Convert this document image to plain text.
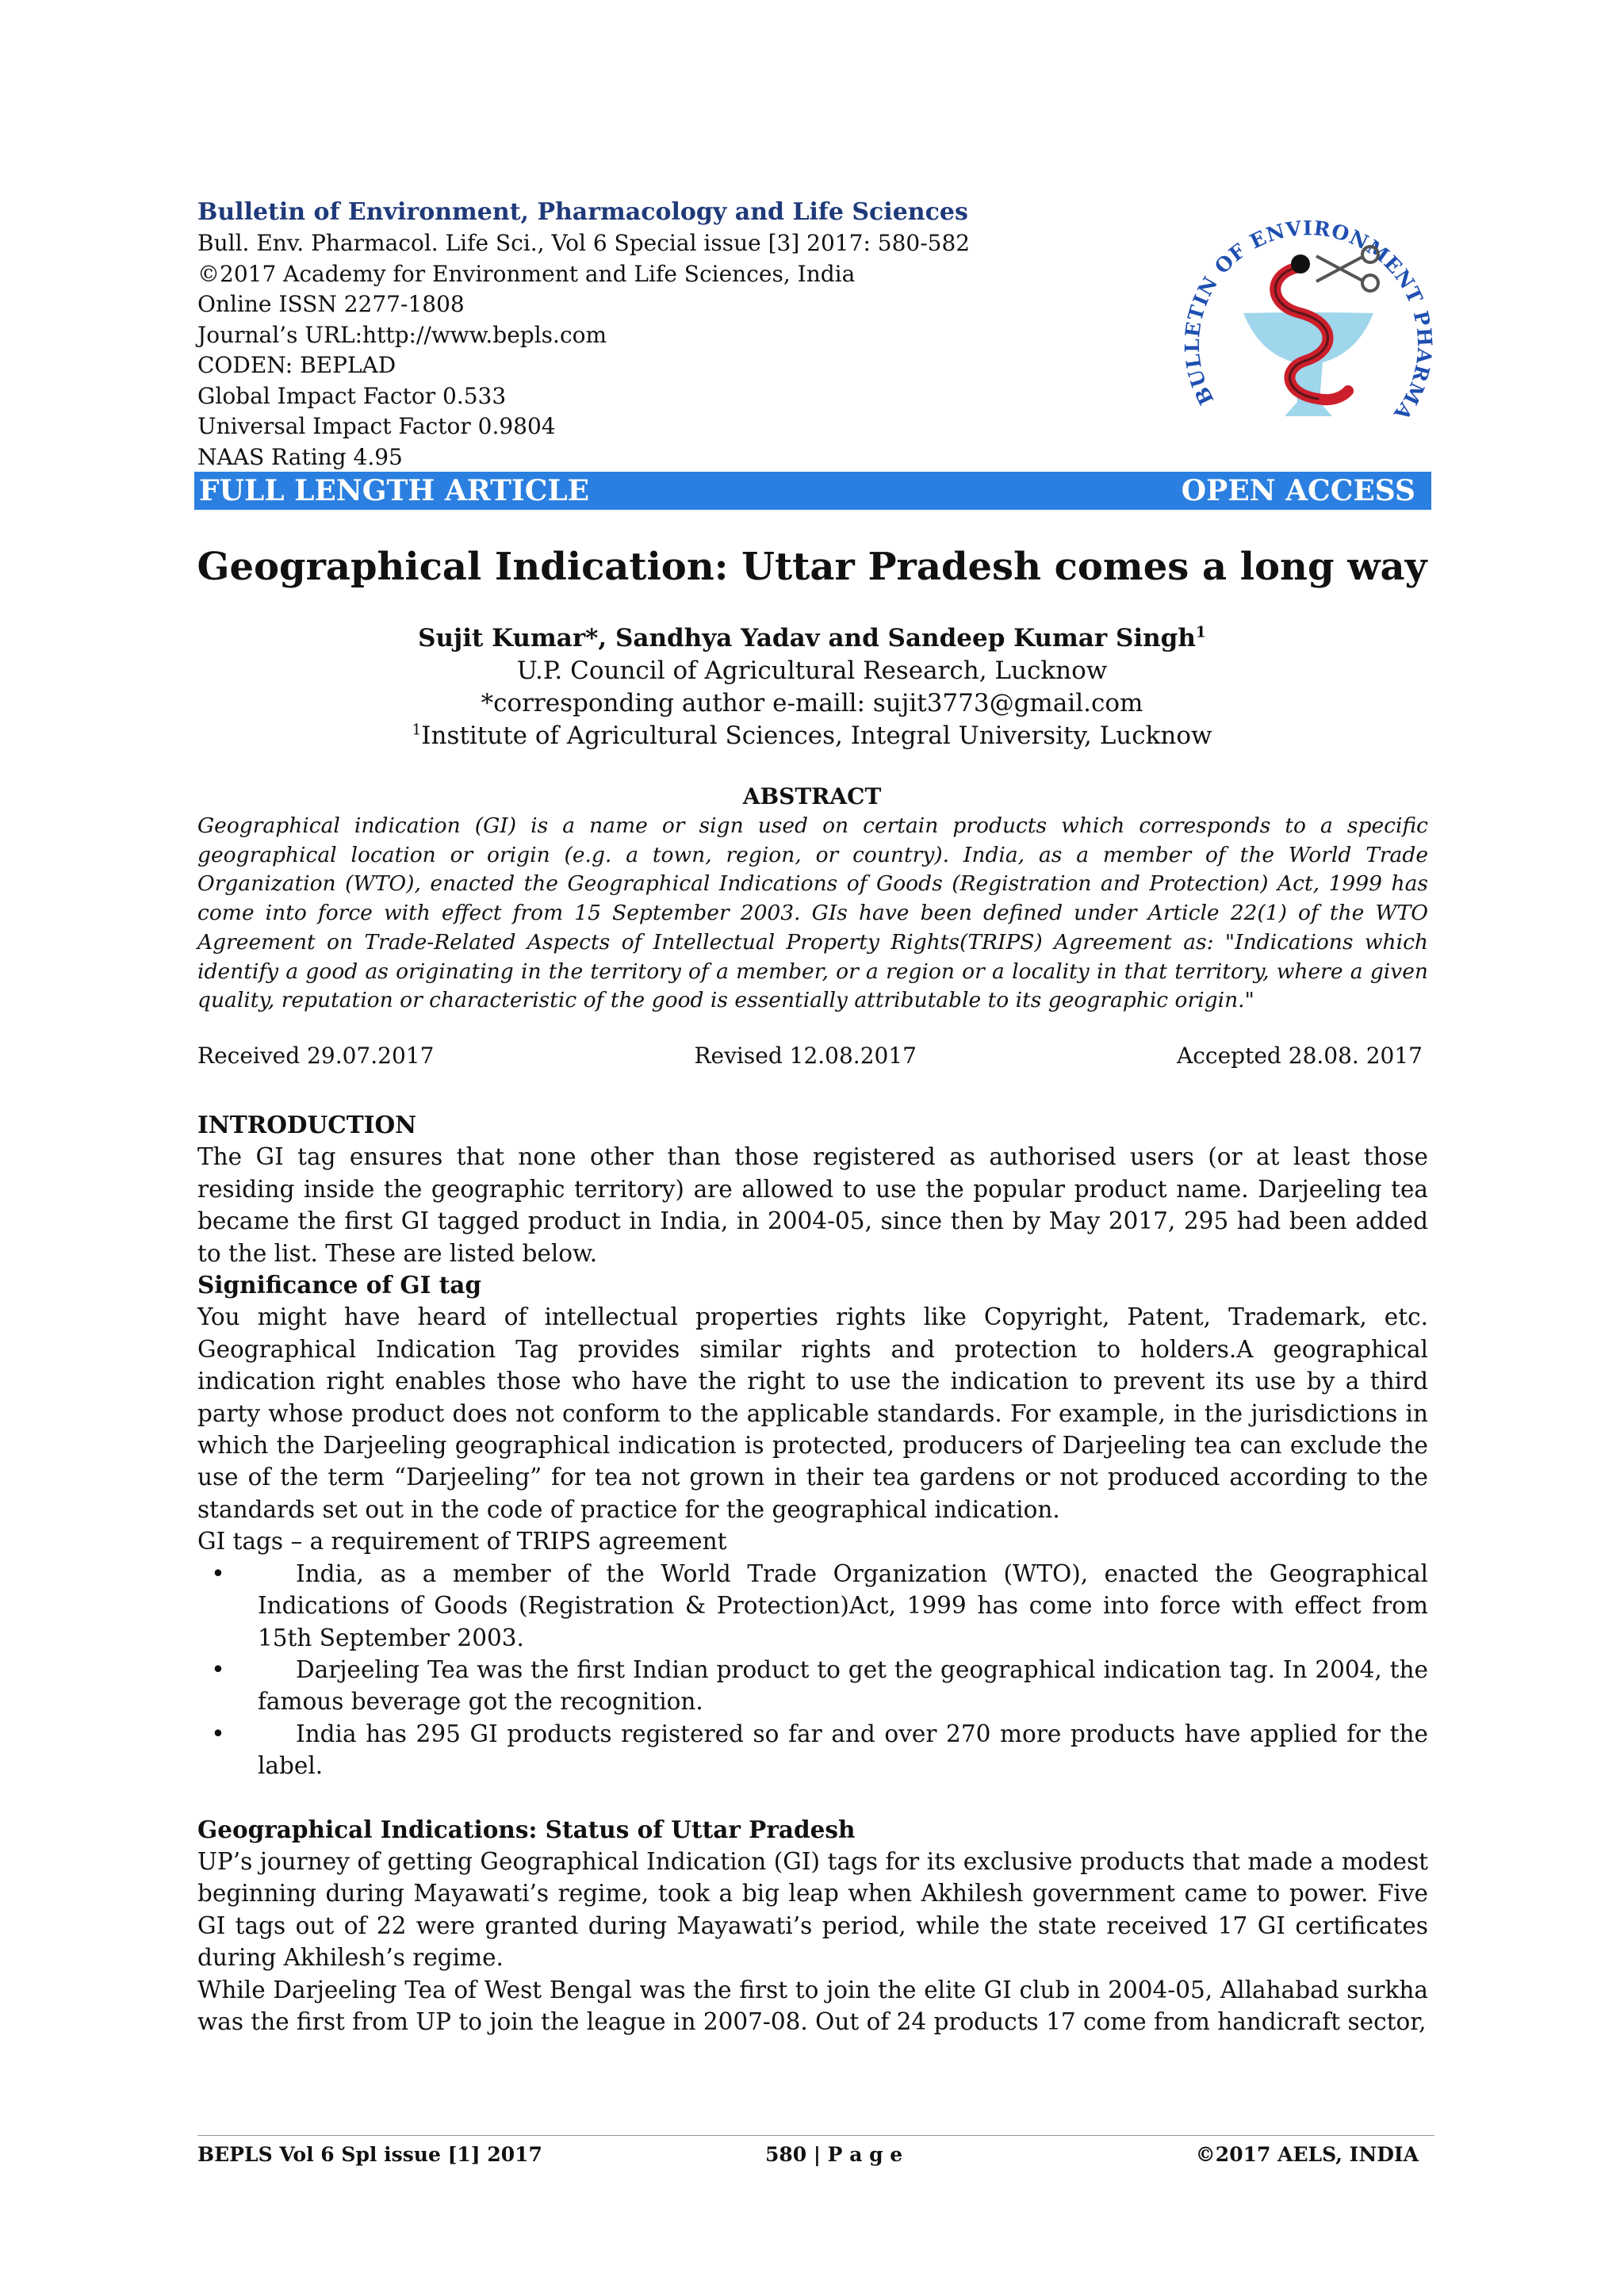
Bulletin of Environment, Pharmacology and Life Sciences
Bull. Env. Pharmacol. Life Sci., Vol 6 Special issue [3] 2017: 580-582
©2017 Academy for Environment and Life Sciences, India
Online ISSN 2277-1808
Journal’s URL:http://www.bepls.com
CODEN: BEPLAD
Global Impact Factor 0.533
Universal Impact Factor 0.9804
NAAS Rating 4.95
BULLETIN OF ENVIRONMENT PHARMA
FULL LENGTH ARTICLE	OPEN ACCESS
Geographical Indication: Uttar Pradesh comes a long way
Sujit Kumar*, Sandhya Yadav and Sandeep Kumar Singh$^1$
U.P. Council of Agricultural Research, Lucknow
*corresponding author e-maill: sujit3773@gmail.com
$^1$Institute of Agricultural Sciences, Integral University, Lucknow
ABSTRACT
Geographical indication (GI) is a name or sign used on certain products which corresponds to a specific geographical location or origin (e.g. a town, region, or country). India, as a member of the World Trade Organization (WTO), enacted the Geographical Indications of Goods (Registration and Protection) Act, 1999 has come into force with effect from 15 September 2003. GIs have been defined under Article 22(1) of the WTO Agreement on Trade-Related Aspects of Intellectual Property Rights(TRIPS) Agreement as: "Indications which identify a good as originating in the territory of a member, or a region or a locality in that territory, where a given quality, reputation or characteristic of the good is essentially attributable to its geographic origin."
Received 29.07.2017	Revised 12.08.2017	Accepted 28.08. 2017
INTRODUCTION

The GI tag ensures that none other than those registered as authorised users (or at least those residing inside the geographic territory) are allowed to use the popular product name. Darjeeling tea became the first GI tagged product in India, in 2004-05, since then by May 2017, 295 had been added to the list. These are listed below.

Significance of GI tag

You might have heard of intellectual properties rights like Copyright, Patent, Trademark, etc. Geographical Indication Tag provides similar rights and protection to holders.A geographical indication right enables those who have the right to use the indication to prevent its use by a third party whose product does not conform to the applicable standards. For example, in the jurisdictions in which the Darjeeling geographical indication is protected, producers of Darjeeling tea can exclude the use of the term “Darjeeling” for tea not grown in their tea gardens or not produced according to the standards set out in the code of practice for the geographical indication.

GI tags – a requirement of TRIPS agreement

•	India, as a member of the World Trade Organization (WTO), enacted the Geographical Indications of Goods (Registration & Protection)Act, 1999 has come into force with effect from 15th September 2003.
•	Darjeeling Tea was the first Indian product to get the geographical indication tag. In 2004, the famous beverage got the recognition.
•	India has 295 GI products registered so far and over 270 more products have applied for the label.
Geographical Indications: Status of Uttar Pradesh

UP’s journey of getting Geographical Indication (GI) tags for its exclusive products that made a modest beginning during Mayawati’s regime, took a big leap when Akhilesh government came to power. Five GI tags out of 22 were granted during Mayawati’s period, while the state received 17 GI certificates during Akhilesh’s regime.

While Darjeeling Tea of West Bengal was the first to join the elite GI club in 2004-05, Allahabad surkha was the first from UP to join the league in 2007-08. Out of 24 products 17 come from handicraft sector,

BEPLS Vol 6 Spl issue [1] 2017	580 | P a g e	©2017 AELS, INDIA
